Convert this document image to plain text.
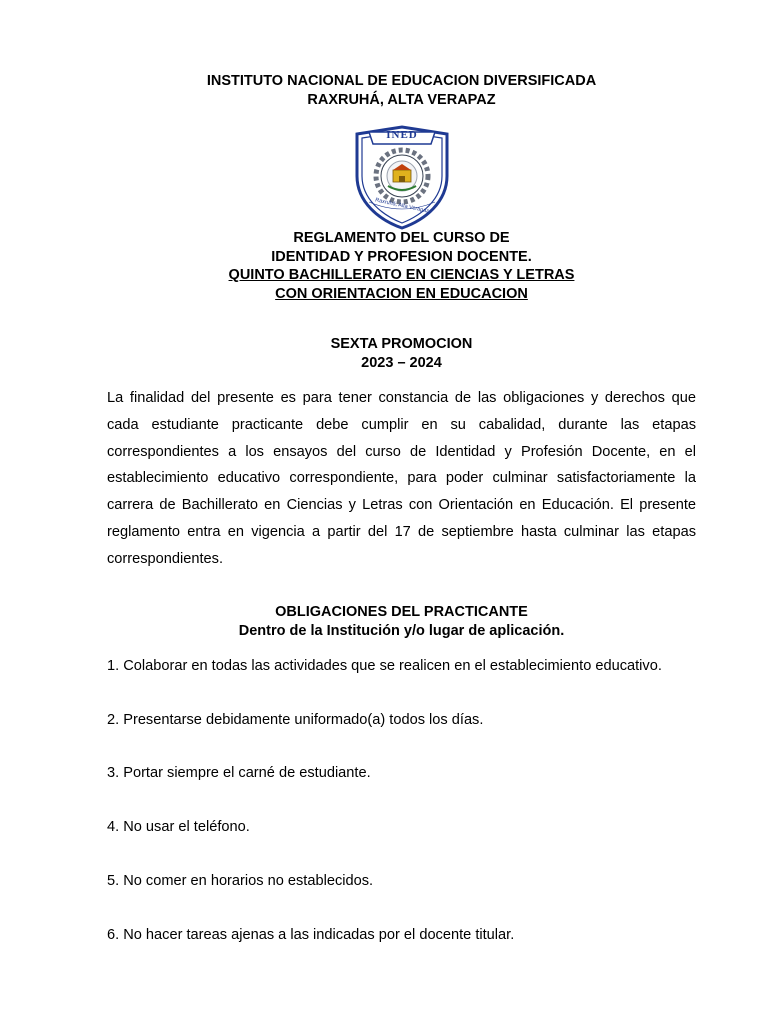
INSTITUTO NACIONAL DE EDUCACION DIVERSIFICADA
RAXRUHÁ, ALTA VERAPAZ
INED
Raxruhá, Alta Verapaz
REGLAMENTO DEL CURSO DE
IDENTIDAD Y PROFESION DOCENTE.
QUINTO BACHILLERATO EN CIENCIAS Y LETRAS
CON ORIENTACION EN EDUCACION
SEXTA PROMOCION
2023 – 2024
La finalidad del presente es para tener constancia de las obligaciones y derechos que
cada estudiante practicante debe cumplir en su cabalidad, durante las etapas
correspondientes a los ensayos del curso de Identidad y Profesión Docente, en el
establecimiento educativo correspondiente, para poder culminar satisfactoriamente la
carrera de Bachillerato en Ciencias y Letras con Orientación en Educación. El presente
reglamento entra en vigencia a partir del 17 de septiembre hasta culminar las etapas
correspondientes.
OBLIGACIONES DEL PRACTICANTE
Dentro de la Institución y/o lugar de aplicación.

1. Colaborar en todas las actividades que se realicen en el establecimiento educativo.

2. Presentarse debidamente uniformado(a) todos los días.

3. Portar siempre el carné de estudiante.

4. No usar el teléfono.

5. No comer en horarios no establecidos.

6. No hacer tareas ajenas a las indicadas por el docente titular.
